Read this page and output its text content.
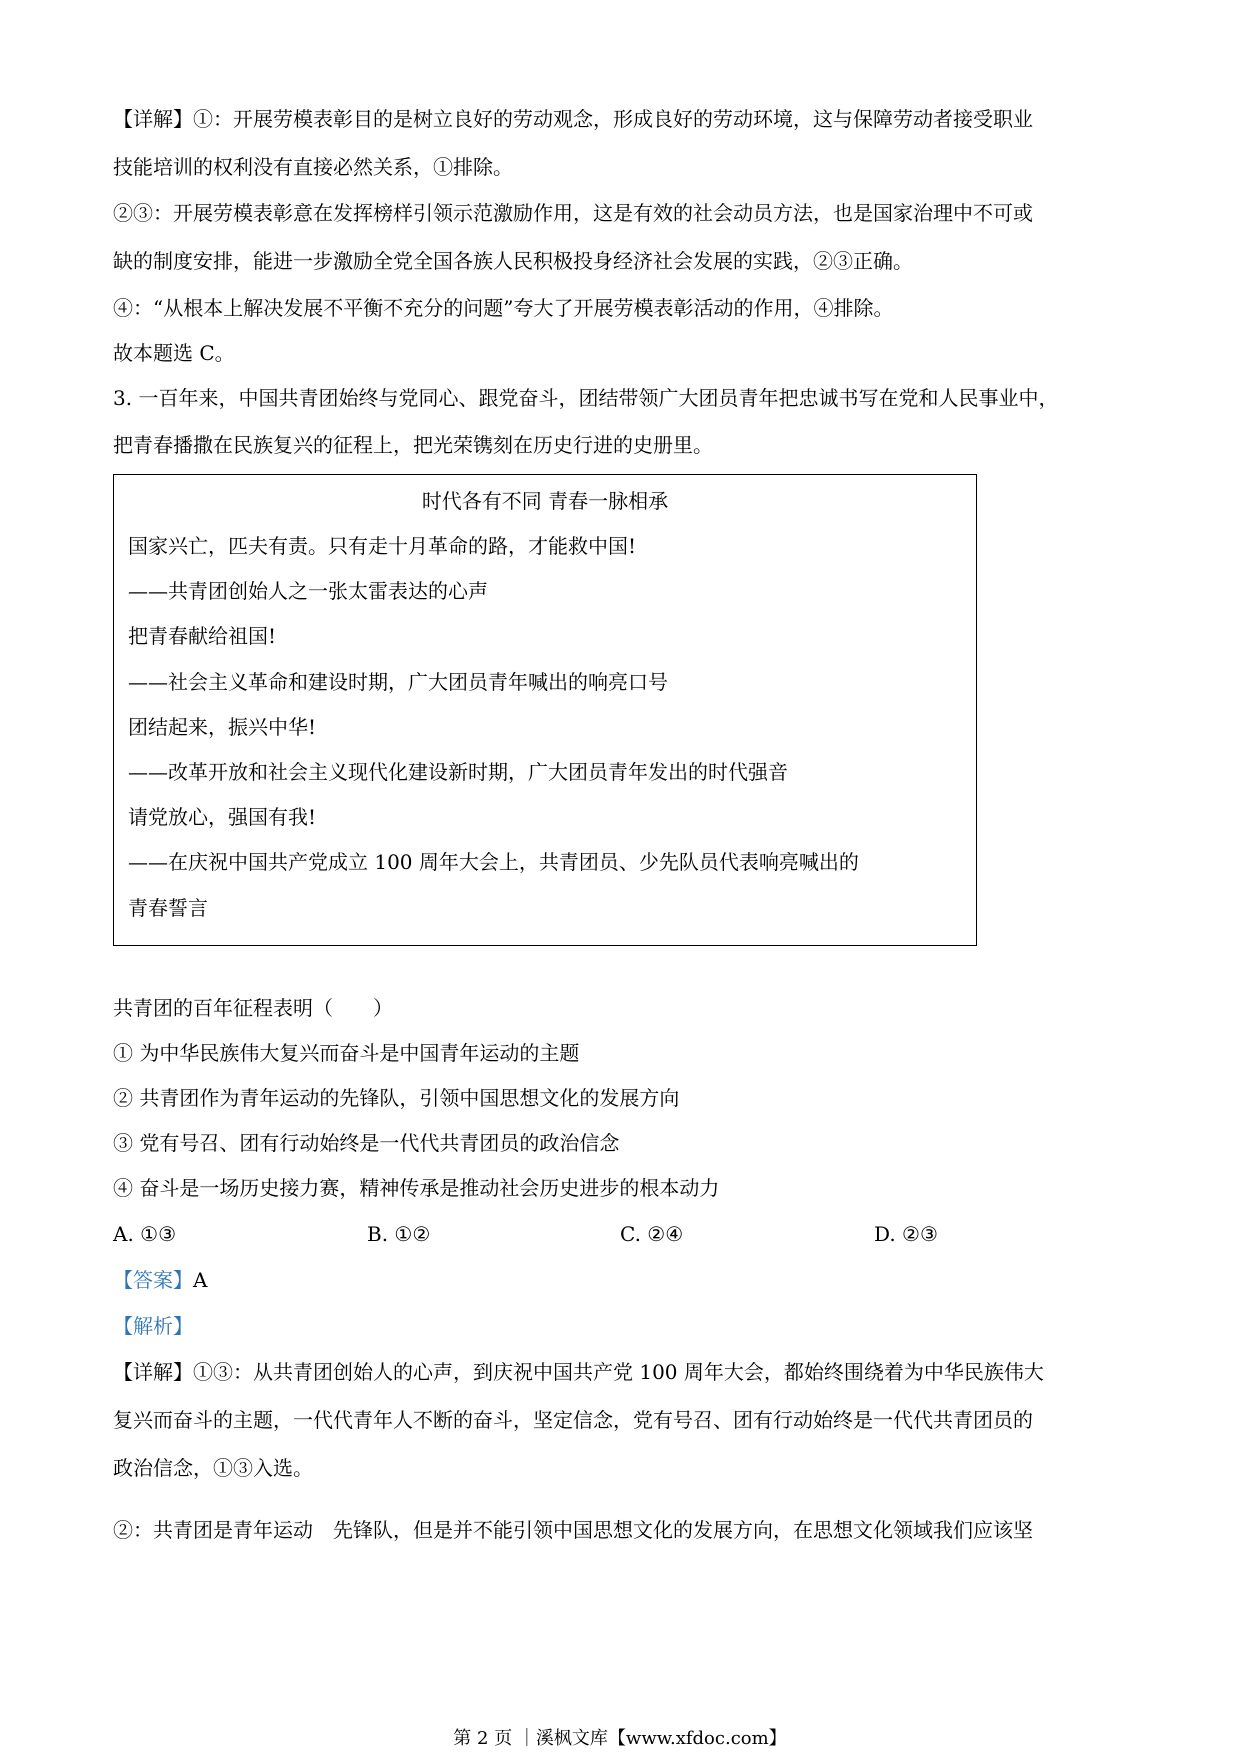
【详解】①：开展劳模表彰目的是树立良好的劳动观念，形成良好的劳动环境，这与保障劳动者接受职业
技能培训的权利没有直接必然关系，①排除。
②③：开展劳模表彰意在发挥榜样引领示范激励作用，这是有效的社会动员方法，也是国家治理中不可或
缺的制度安排，能进一步激励全党全国各族人民积极投身经济社会发展的实践，②③正确。
④：“从根本上解决发展不平衡不充分的问题”夸大了开展劳模表彰活动的作用，④排除。
故本题选 C。
3. 一百年来，中国共青团始终与党同心、跟党奋斗，团结带领广大团员青年把忠诚书写在党和人民事业中，
把青春播撒在民族复兴的征程上，把光荣镌刻在历史行进的史册里。
时代各有不同 青春一脉相承
国家兴亡，匹夫有责。只有走十月革命的路，才能救中国!
——共青团创始人之一张太雷表达的心声
把青春献给祖国!
——社会主义革命和建设时期，广大团员青年喊出的响亮口号
团结起来，振兴中华!
——改革开放和社会主义现代化建设新时期，广大团员青年发出的时代强音
请党放心，强国有我!
——在庆祝中国共产党成立 100 周年大会上，共青团员、少先队员代表响亮喊出的
青春誓言
共青团的百年征程表明（　　）
① 为中华民族伟大复兴而奋斗是中国青年运动的主题
② 共青团作为青年运动的先锋队，引领中国思想文化的发展方向
③ 党有号召、团有行动始终是一代代共青团员的政治信念
④ 奋斗是一场历史接力赛，精神传承是推动社会历史进步的根本动力
A. ①③	B. ①②	C. ②④	D. ②③
【答案】A
【解析】
【详解】①③：从共青团创始人的心声，到庆祝中国共产党 100 周年大会，都始终围绕着为中华民族伟大
复兴而奋斗的主题，一代代青年人不断的奋斗，坚定信念，党有号召、团有行动始终是一代代共青团员的
政治信念，①③入选。
②：共青团是青年运动　先锋队，但是并不能引领中国思想文化的发展方向，在思想文化领域我们应该坚
第 2 页 ｜溪枫文库【www.xfdoc.com】
